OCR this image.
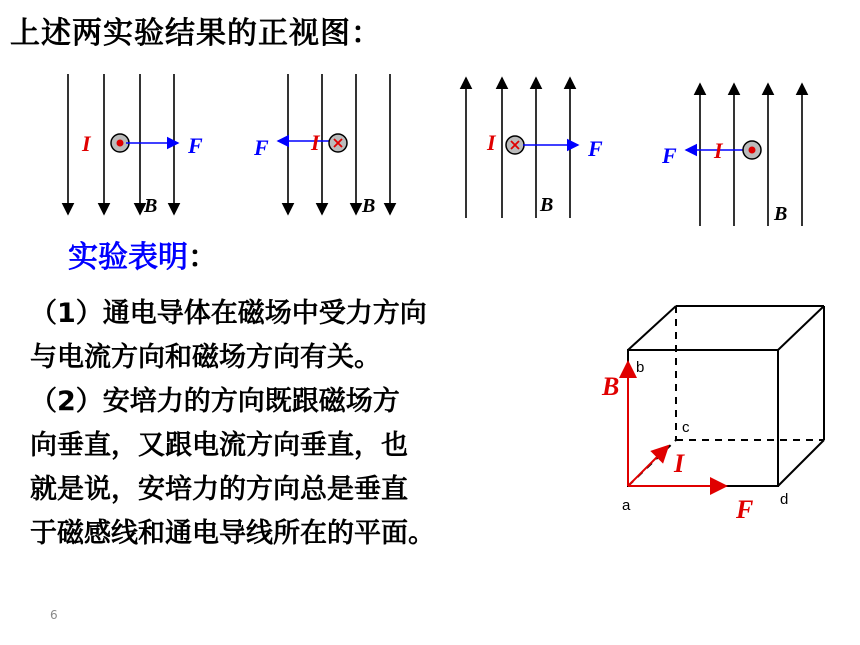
上述两实验结果的正视图：
I	F
B
F I
B
I	F
B
F I
B
实验表明：

（1）通电导体在磁场中受力方向

与电流方向和磁场方向有关。

（2）安培力的方向既跟磁场方

向垂直，又跟电流方向垂直，也

就是说，安培力的方向总是垂直

于磁感线和通电导线所在的平面。

b
c
a	d
B
I
F
6
